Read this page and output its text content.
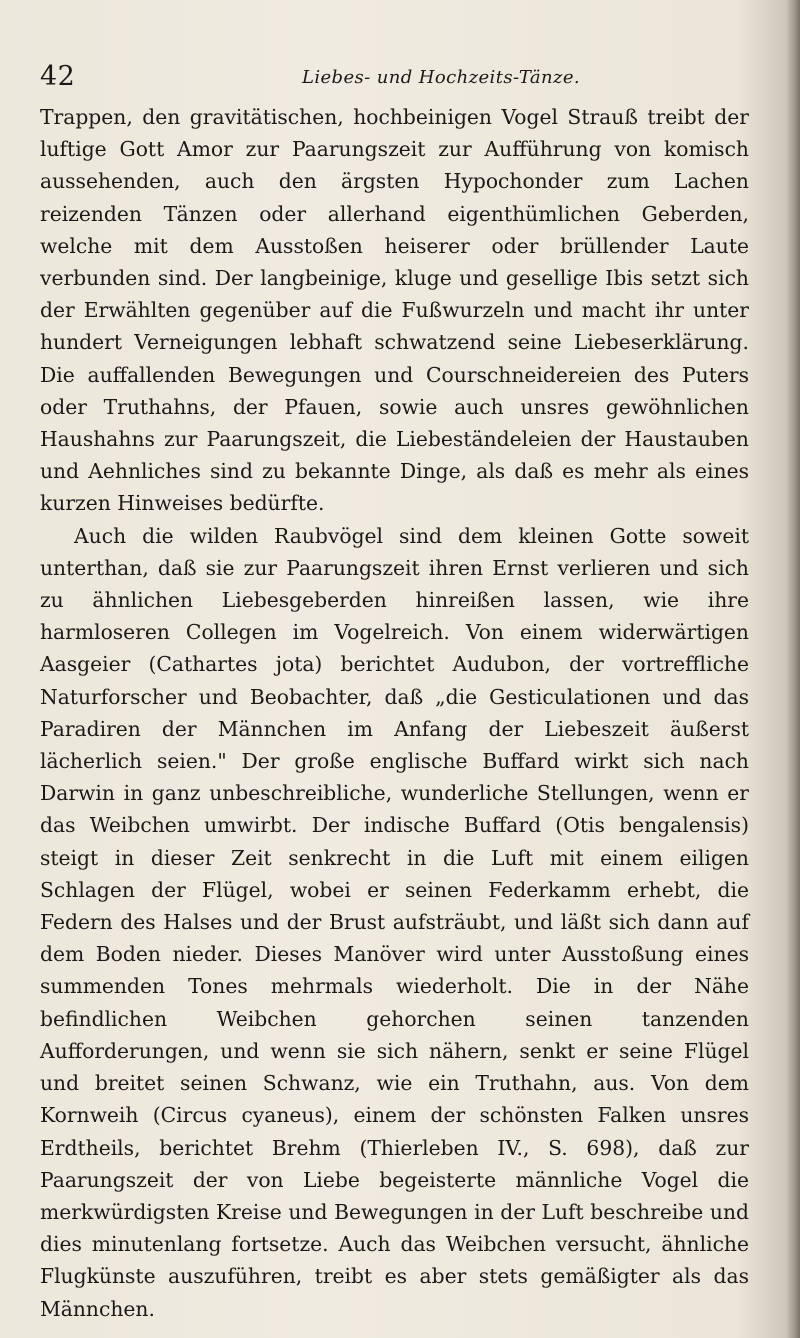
42	Liebes- und Hochzeits-Tänze.

Trappen, den gravitätischen, hochbeinigen Vogel Strauß treibt der luftige Gott Amor zur Paarungszeit zur Aufführung von komisch aussehenden, auch den ärgsten Hypochonder zum Lachen reizenden Tänzen oder allerhand eigenthümlichen Geberden, welche mit dem Ausstoßen heiserer oder brüllender Laute verbunden sind. Der langbeinige, kluge und gesellige Ibis setzt sich der Erwählten gegenüber auf die Fußwurzeln und macht ihr unter hundert Verneigungen lebhaft schwatzend seine Liebeserklärung. Die auffallenden Bewegungen und Courschneidereien des Puters oder Truthahns, der Pfauen, sowie auch unsres gewöhnlichen Haushahns zur Paarungszeit, die Liebeständeleien der Haustauben und Aehnliches sind zu bekannte Dinge, als daß es mehr als eines kurzen Hinweises bedürfte.

Auch die wilden Raubvögel sind dem kleinen Gotte soweit unterthan, daß sie zur Paarungszeit ihren Ernst verlieren und sich zu ähnlichen Liebesgeberden hinreißen lassen, wie ihre harmloseren Collegen im Vogelreich. Von einem widerwärtigen Aasgeier (Cathartes jota) berichtet Audubon, der vortreffliche Naturforscher und Beobachter, daß „die Gesticulationen und das Paradiren der Männchen im Anfang der Liebeszeit äußerst lächerlich seien." Der große englische Buffard wirkt sich nach Darwin in ganz unbeschreibliche, wunderliche Stellungen, wenn er das Weibchen umwirbt. Der indische Buffard (Otis bengalensis) steigt in dieser Zeit senkrecht in die Luft mit einem eiligen Schlagen der Flügel, wobei er seinen Federkamm erhebt, die Federn des Halses und der Brust aufsträubt, und läßt sich dann auf dem Boden nieder. Dieses Manöver wird unter Ausstoßung eines summenden Tones mehrmals wiederholt. Die in der Nähe befindlichen Weibchen gehorchen seinen tanzenden Aufforderungen, und wenn sie sich nähern, senkt er seine Flügel und breitet seinen Schwanz, wie ein Truthahn, aus. Von dem Kornweih (Circus cyaneus), einem der schönsten Falken unsres Erdtheils, berichtet Brehm (Thierleben IV., S. 698), daß zur Paarungszeit der von Liebe begeisterte männliche Vogel die merkwürdigsten Kreise und Bewegungen in der Luft beschreibe und dies minutenlang fortsetze. Auch das Weibchen versucht, ähnliche Flugkünste auszuführen, treibt es aber stets gemäßigter als das Männchen.
